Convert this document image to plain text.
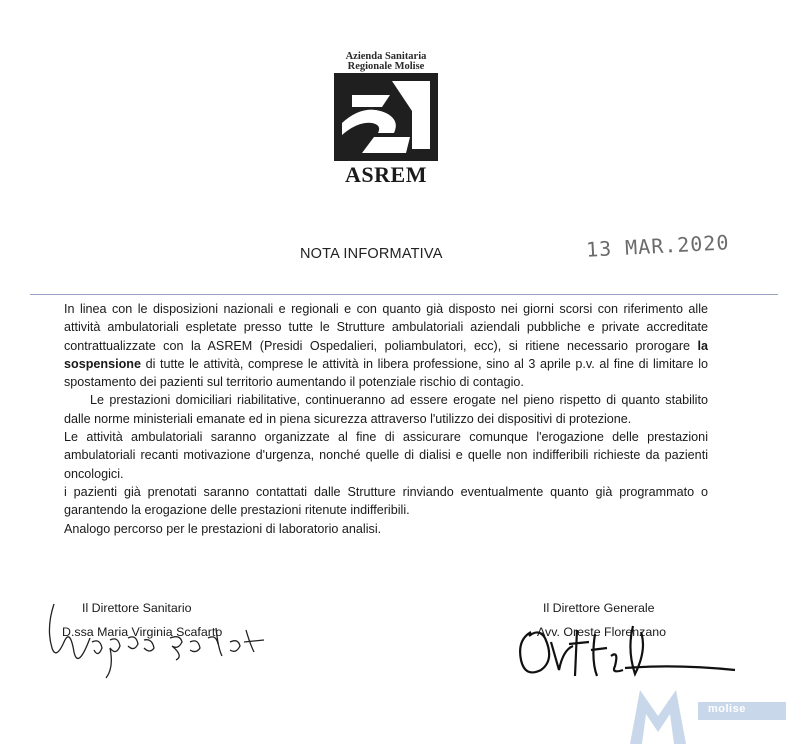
Azienda Sanitaria
Regionale Molise
ASREM
NOTA INFORMATIVA	13 MAR.2020

In linea con le disposizioni nazionali e regionali e con quanto già disposto nei giorni scorsi con riferimento alle attività ambulatoriali espletate presso tutte le Strutture ambulatoriali aziendali pubbliche e private accreditate contrattualizzate con la ASREM (Presidi Ospedalieri, poliambulatori, ecc), si ritiene necessario prorogare la sospensione di tutte le attività, comprese le attività in libera professione, sino al 3 aprile p.v. al fine di limitare lo spostamento dei pazienti sul territorio aumentando il potenziale rischio di contagio.

Le prestazioni domiciliari riabilitative, continueranno ad essere erogate nel pieno rispetto di quanto stabilito dalle norme ministeriali emanate ed in piena sicurezza attraverso l'utilizzo dei dispositivi di protezione.

Le attività ambulatoriali saranno organizzate al fine di assicurare comunque l'erogazione delle prestazioni ambulatoriali recanti motivazione d'urgenza, nonché quelle di dialisi e quelle non indifferibili richieste da pazienti oncologici.

i pazienti già prenotati saranno contattati dalle Strutture rinviando eventualmente quanto già programmato o garantendo la erogazione delle prestazioni ritenute indifferibili.

Analogo percorso per le prestazioni di laboratorio analisi.

Il Direttore Sanitario
D.ssa Maria Virginia Scafarto
Il Direttore Generale
Avv. Oreste Florenzano
molise
